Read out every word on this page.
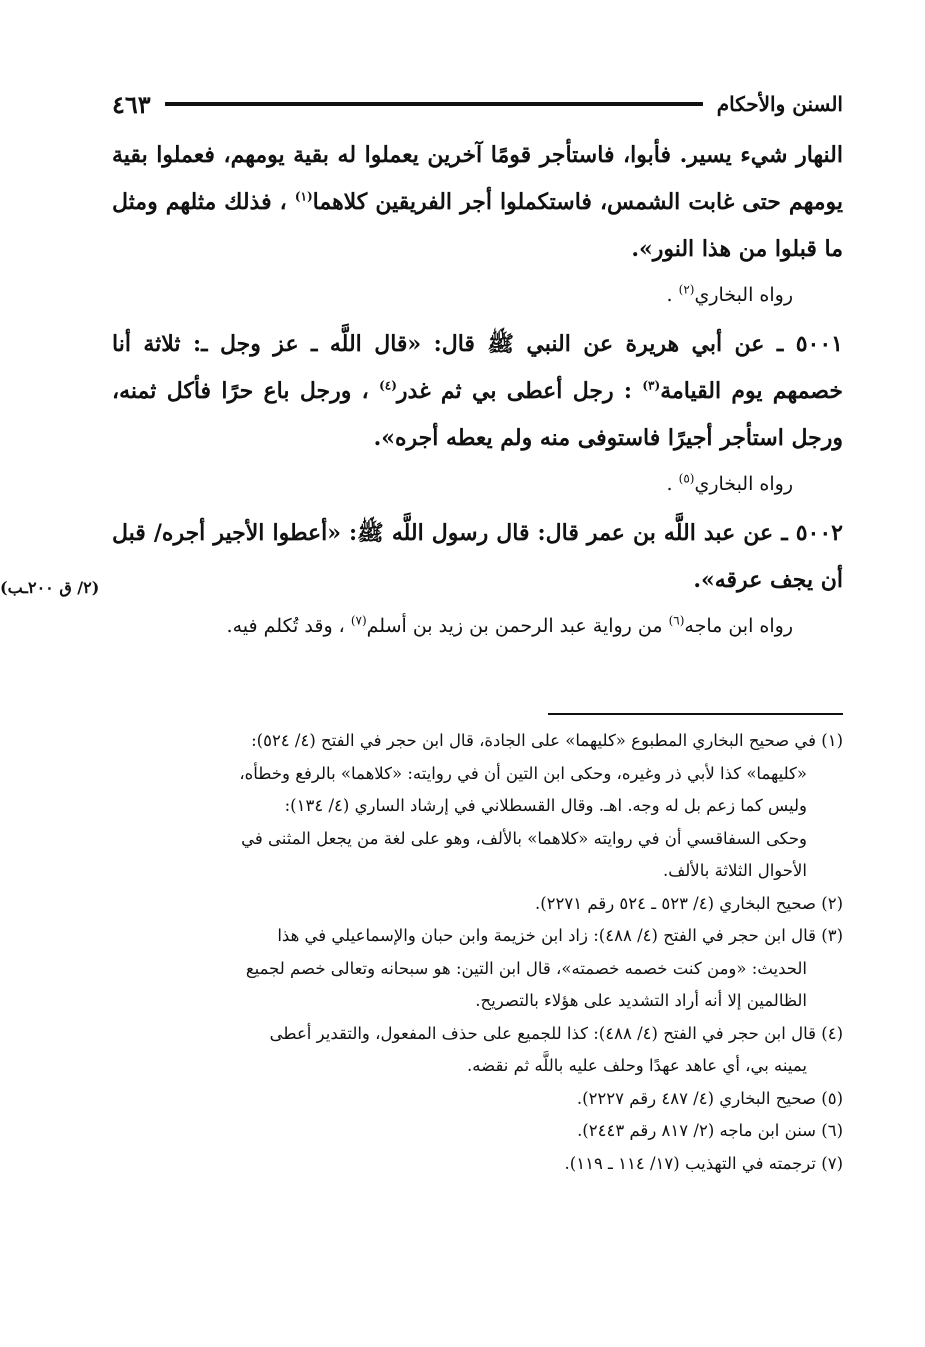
السنن والأحكام
٤٦٣

النهار شيء يسير. فأبوا، فاستأجر قومًا آخرين يعملوا له بقية يومهم، فعملوا بقية يومهم حتى غابت الشمس، فاستكملوا أجر الفريقين كلاهما$^{(١)}$ ، فذلك مثلهم ومثل ما قبلوا من هذا النور».

رواه البخاري$^{(٢)}$ .

٥٠٠١ ـ عن أبي هريرة عن النبي ﷺ قال: «قال اللَّه ـ عز وجل ـ: ثلاثة أنا خصمهم يوم القيامة$^{(٣)}$ : رجل أعطى بي ثم غدر$^{(٤)}$ ، ورجل باع حرًا فأكل ثمنه، ورجل استأجر أجيرًا فاستوفى منه ولم يعطه أجره».

رواه البخاري$^{(٥)}$ .

٥٠٠٢ ـ عن عبد اللَّه بن عمر قال: قال رسول اللَّه ﷺ: «أعطوا الأجير أجره/ قبل أن يجف عرقه».

رواه ابن ماجه$^{(٦)}$ من رواية عبد الرحمن بن زيد بن أسلم$^{(٧)}$ ، وقد تُكلم فيه.

(٢/ ق ٢٠٠ـب)

(١) في صحيح البخاري المطبوع «كليهما» على الجادة، قال ابن حجر في الفتح (٤/ ٥٢٤):

«كليهما» كذا لأبي ذر وغيره، وحكى ابن التين أن في روايته: «كلاهما» بالرفع وخطأه،

وليس كما زعم بل له وجه. اهـ. وقال القسطلاني في إرشاد الساري (٤/ ١٣٤):

وحكى السفاقسي أن في روايته «كلاهما» بالألف، وهو على لغة من يجعل المثنى في

الأحوال الثلاثة بالألف.

(٢) صحيح البخاري (٤/ ٥٢٣ ـ ٥٢٤ رقم ٢٢٧١).

(٣) قال ابن حجر في الفتح (٤/ ٤٨٨): زاد ابن خزيمة وابن حبان والإسماعيلي في هذا

الحديث: «ومن كنت خصمه خصمته»، قال ابن التين: هو سبحانه وتعالى خصم لجميع

الظالمين إلا أنه أراد التشديد على هؤلاء بالتصريح.

(٤) قال ابن حجر في الفتح (٤/ ٤٨٨): كذا للجميع على حذف المفعول، والتقدير أعطى

يمينه بي، أي عاهد عهدًا وحلف عليه باللَّه ثم نقضه.

(٥) صحيح البخاري (٤/ ٤٨٧ رقم ٢٢٢٧).

(٦) سنن ابن ماجه (٢/ ٨١٧ رقم ٢٤٤٣).

(٧) ترجمته في التهذيب (١٧/ ١١٤ ـ ١١٩).
